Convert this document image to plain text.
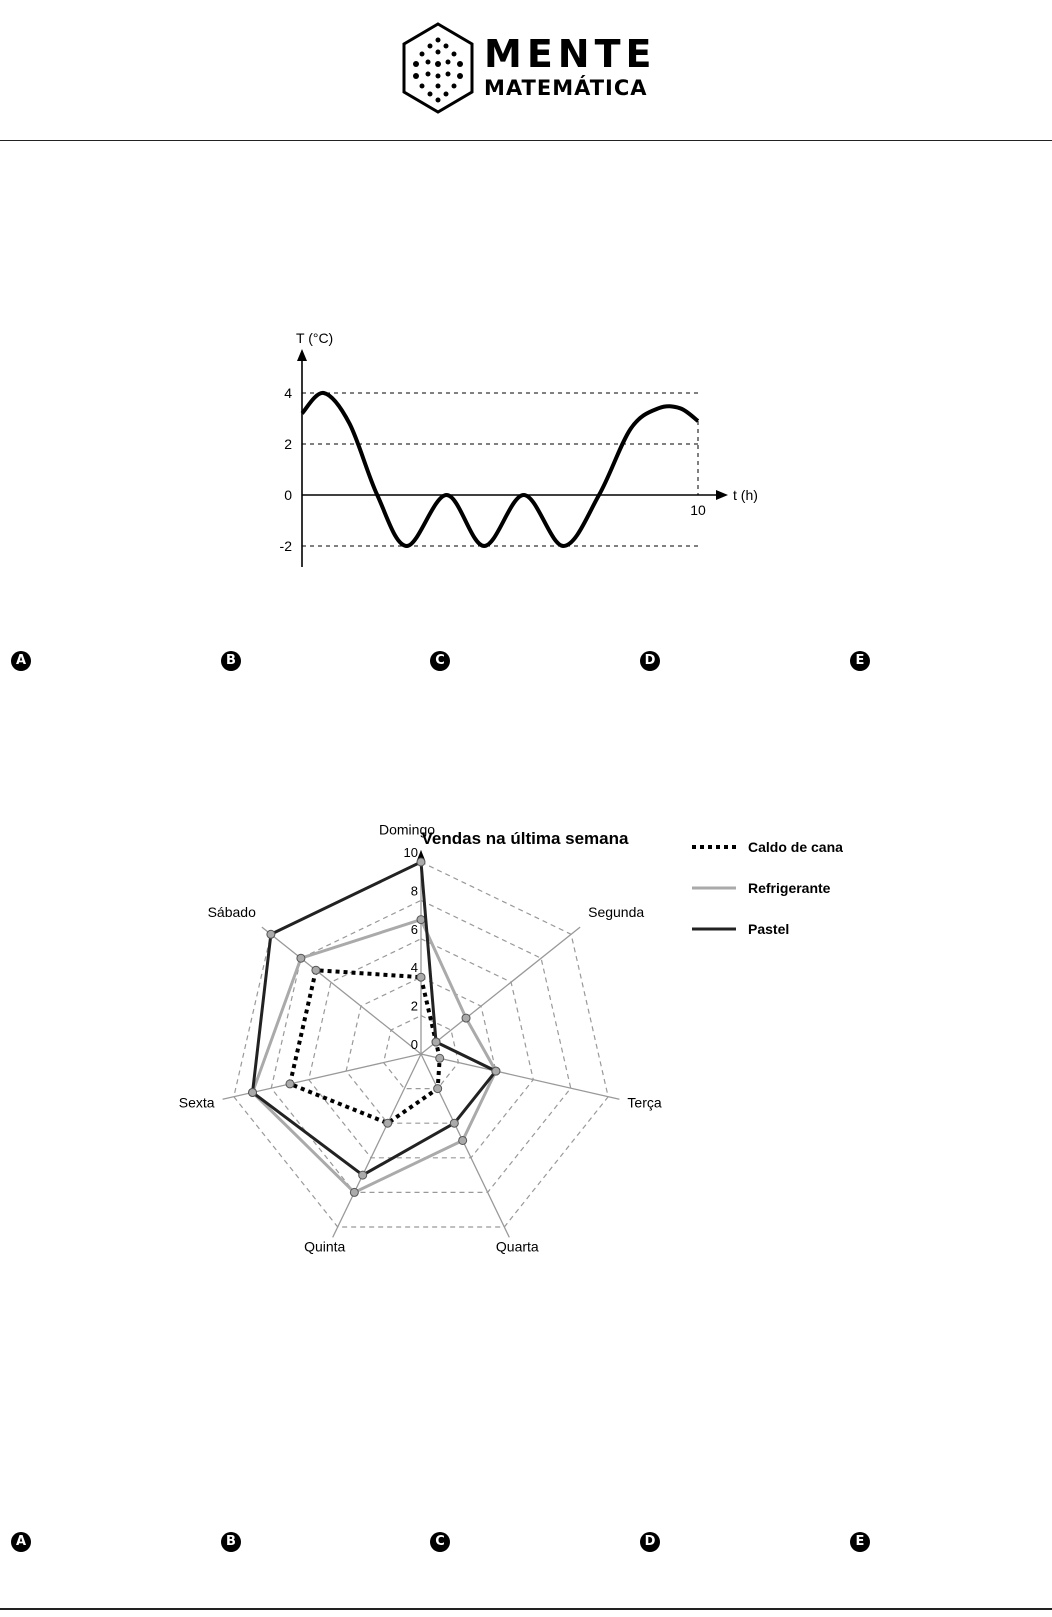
MENTE
MATEMÁTICA
T (°C)
t (h)
4
2
0
-2
10
A	B	C	D	E
Vendas na última semana
Domingo
Segunda
Terça
Quarta
Quinta
Sexta
Sábado
0
2
4
6
8
10	Caldo de cana
Refrigerante
Pastel
A	B	C	D	E
